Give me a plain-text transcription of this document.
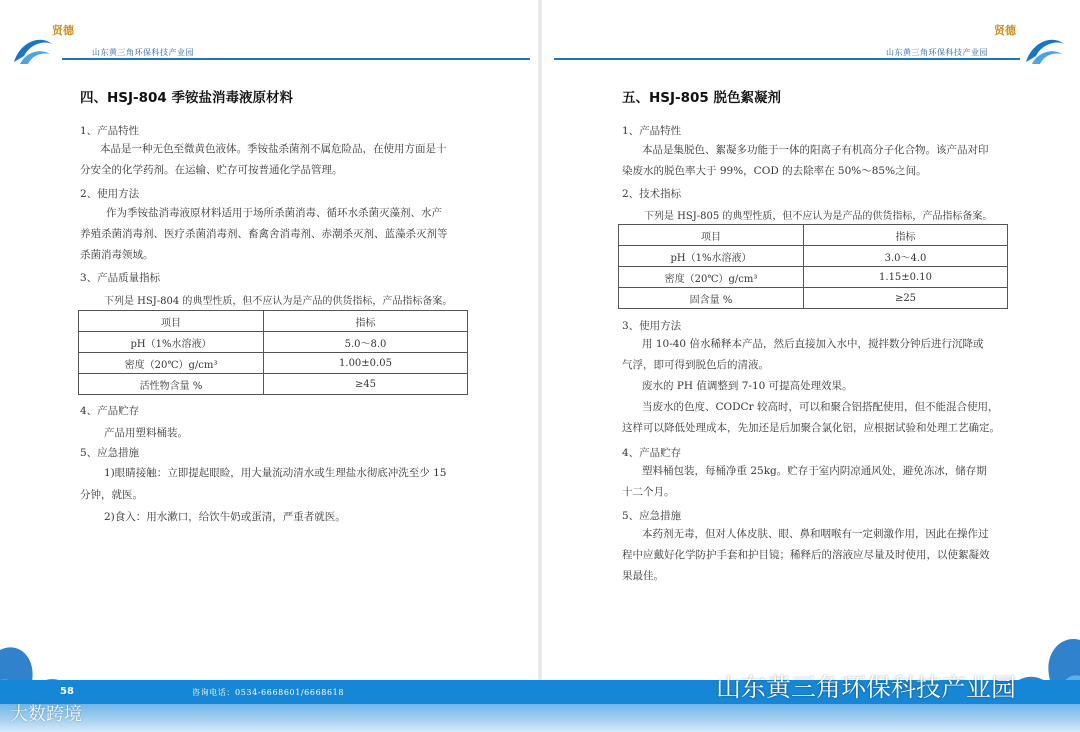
贤德
山东黄三角环保科技产业园
四、HSJ-804 季铵盐消毒液原材料
1、产品特性
本品是一种无色至微黄色液体。季铵盐杀菌剂不属危险品，在使用方面是十
分安全的化学药剂。在运输、贮存可按普通化学品管理。
2、使用方法
作为季铵盐消毒液原材料适用于场所杀菌消毒、循环水杀菌灭藻剂、水产
养殖杀菌消毒剂、医疗杀菌消毒剂、畜禽舍消毒剂、赤潮杀灭剂、蓝藻杀灭剂等
杀菌消毒领域。
3、产品质量指标
下列是 HSJ-804 的典型性质，但不应认为是产品的供货指标，产品指标备案。
项目	指标
pH（1%水溶液）	5.0～8.0
密度（20℃）g/cm³	1.00±0.05
活性物含量 %	≥45
4、产品贮存
产品用塑料桶装。
5、应急措施
1)眼睛接触：立即提起眼睑，用大量流动清水或生理盐水彻底冲洗至少 15
分钟，就医。
2)食入：用水漱口，给饮牛奶或蛋清，严重者就医。
山东黄三角环保科技产业园
贤德
五、HSJ-805 脱色絮凝剂
1、产品特性
本品是集脱色、絮凝多功能于一体的阳离子有机高分子化合物。该产品对印
染废水的脱色率大于 99%，COD 的去除率在 50%～85%之间。
2、技术指标
下列是 HSJ-805 的典型性质，但不应认为是产品的供货指标，产品指标备案。
项目	指标
pH（1%水溶液）	3.0～4.0
密度（20℃）g/cm³	1.15±0.10
固含量 %	≥25
3、使用方法
用 10-40 倍水稀释本产品，然后直接加入水中，搅拌数分钟后进行沉降或
气浮，即可得到脱色后的清液。
废水的 PH 值调整到 7-10 可提高处理效果。
当废水的色度、CODCr 较高时，可以和聚合铝搭配使用，但不能混合使用，
这样可以降低处理成本，先加还是后加聚合氯化铝，应根据试验和处理工艺确定。
4、产品贮存
塑料桶包装，每桶净重 25kg。贮存于室内阴凉通风处，避免冻冰，储存期
十二个月。
5、应急措施
本药剂无毒，但对人体皮肤、眼、鼻和咽喉有一定刺激作用，因此在操作过
程中应戴好化学防护手套和护目镜；稀释后的溶液应尽量及时使用，以使絮凝效
果最佳。
58	咨询电话：0534-6668601/6668618
大数跨境
山东黄三角环保科技产业园
